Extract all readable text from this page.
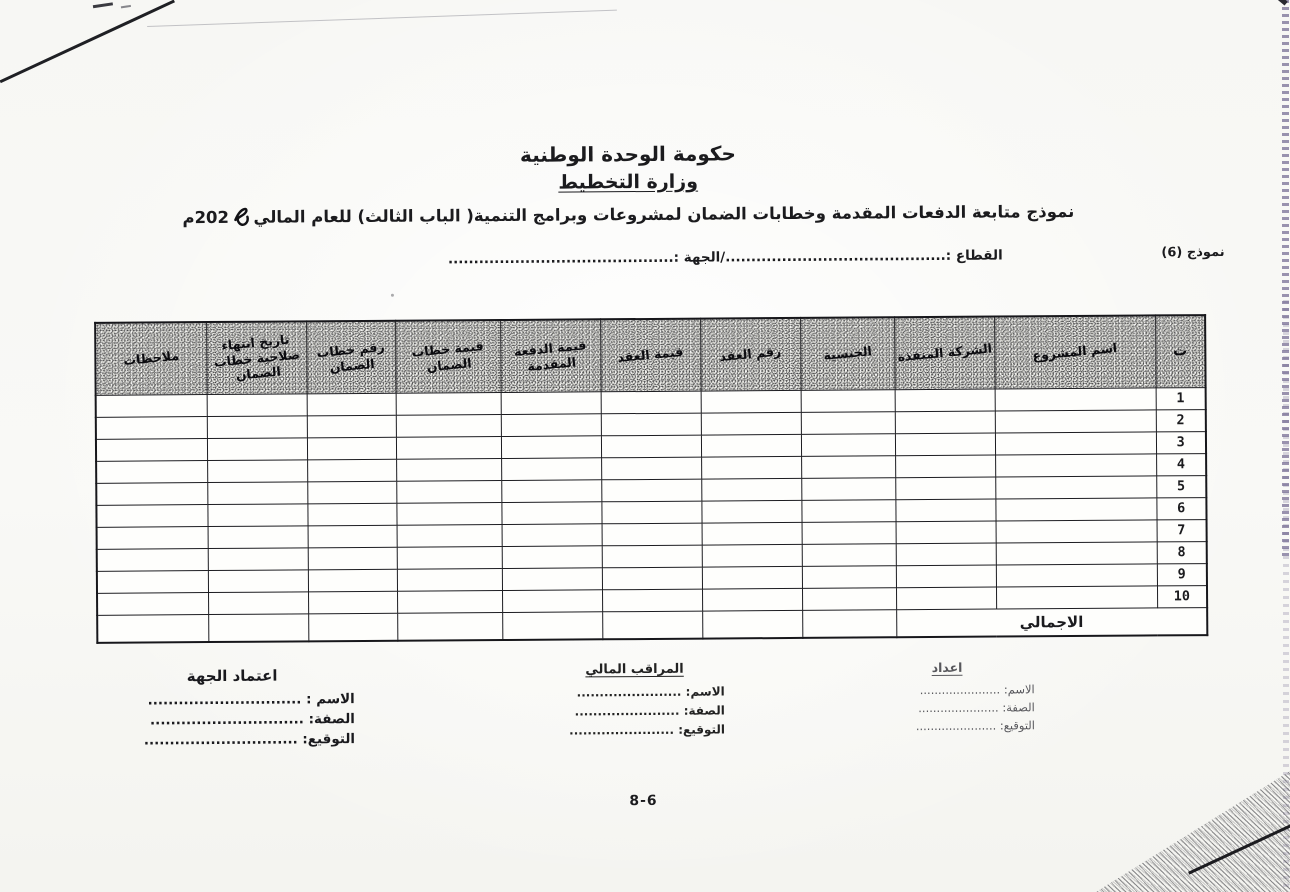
حكومة الوحدة الوطنية
وزارة التخطيط
نموذج متابعة الدفعات المقدمة وخطابات الضمان لمشروعات وبرامج التنمية( الباب الثالث) للعام المالي  202م
نموذج (6)
القطاع :.........................................../الجهة :............................................
ت	اسم المشروع	الشركة المنفذة	الجنسية	رقم العقد	قيمة العقد	قيمة الدفعة المقدمة	قيمة خطاب الضمان	رقم خطاب الضمان	تاريخ انتهاء صلاحية خطاب الضمان	ملاحظات
1										
2										
3										
4										
5										
6										
7										
8										
9										
10										
الاجمالي										
اعداد
الاسم: ......................
الصفة: ......................
التوقيع: ......................
المراقب المالي
الاسم: .......................
الصفة: .......................
التوقيع: .......................
اعتماد الجهة
الاسم : ..............................
الصفة: ..............................
التوقيع: ..............................
8-6
